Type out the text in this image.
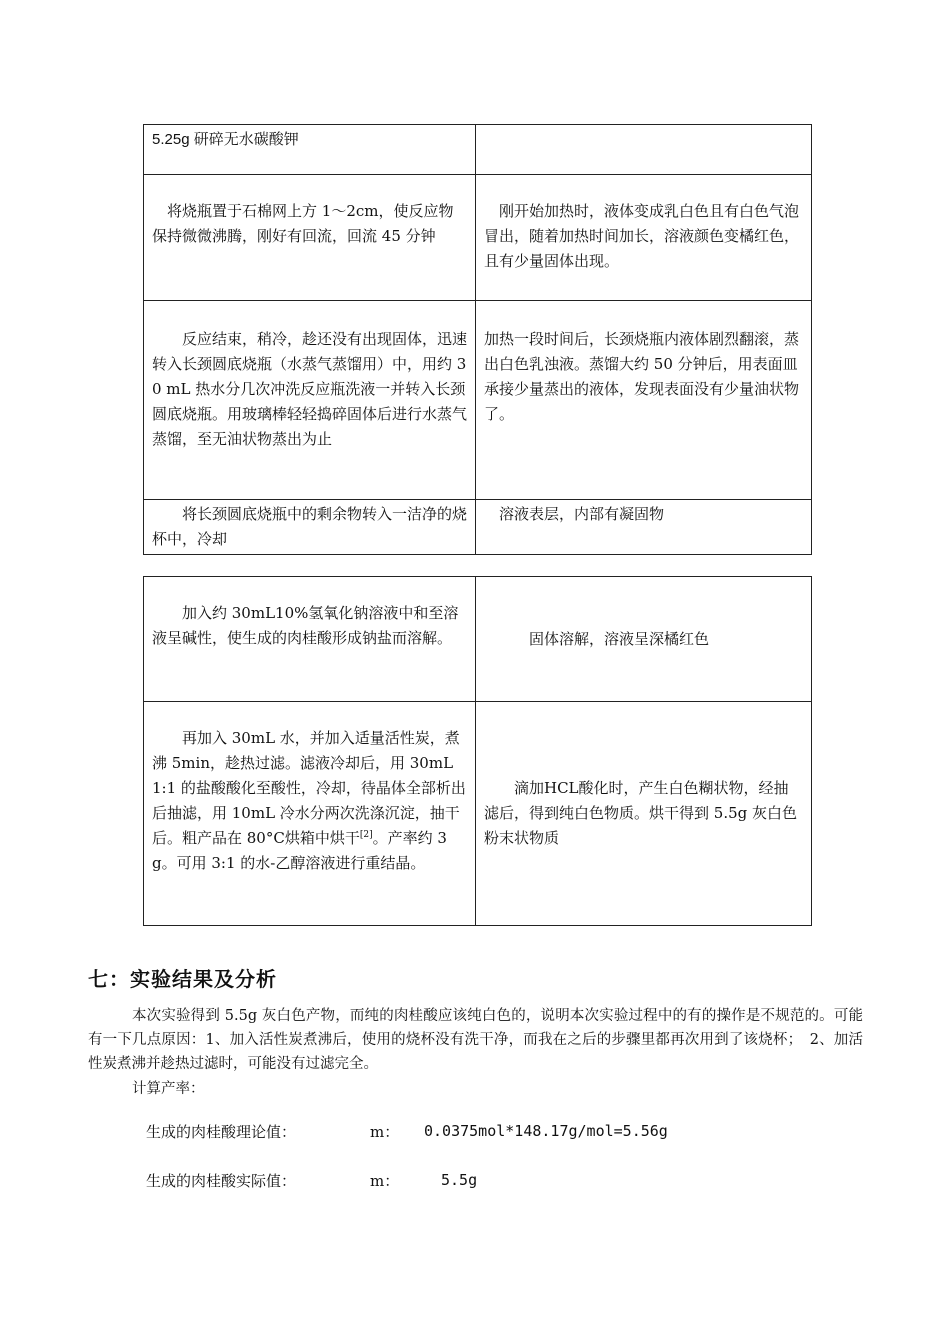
5.25g 研碎无水碳酸钾	
　将烧瓶置于石棉网上方 1～2cm，使反应物保持微微沸腾，刚好有回流，回流 45 分钟	　刚开始加热时，液体变成乳白色且有白色气泡冒出，随着加热时间加长，溶液颜色变橘红色，且有少量固体出现。
　　反应结束，稍冷，趁还没有出现固体，迅速转入长颈圆底烧瓶（水蒸气蒸馏用）中，用约 30 mL 热水分几次冲洗反应瓶洗液一并转入长颈圆底烧瓶。用玻璃棒轻轻捣碎固体后进行水蒸气蒸馏，至无油状物蒸出为止	加热一段时间后，长颈烧瓶内液体剧烈翻滚，蒸出白色乳浊液。蒸馏大约 50 分钟后，用表面皿承接少量蒸出的液体，发现表面没有少量油状物了。
　　将长颈圆底烧瓶中的剩余物转入一洁净的烧杯中，冷却	　溶液表层，内部有凝固物
　　加入约 30mL10%氢氧化钠溶液中和至溶液呈碱性，使生成的肉桂酸形成钠盐而溶解。	　　　固体溶解，溶液呈深橘红色
　　再加入 30mL 水，并加入适量活性炭，煮沸 5min，趁热过滤。滤液冷却后，用 30mL1:1 的盐酸酸化至酸性，冷却，待晶体全部析出后抽滤，用 10mL 冷水分两次洗涤沉淀，抽干后。粗产品在 80°C烘箱中烘干[2]。产率约 3g。可用 3:1 的水-乙醇溶液进行重结晶。	　　滴加HCL酸化时，产生白色糊状物，经抽滤后，得到纯白色物质。烘干得到 5.5g 灰白色粉末状物质
七：实验结果及分析
本次实验得到 5.5g 灰白色产物，而纯的肉桂酸应该纯白色的，说明本次实验过程中的有的操作是不规范的。可能有一下几点原因：1、加入活性炭煮沸后，使用的烧杯没有洗干净，而我在之后的步骤里都再次用到了该烧杯；　2、加活性炭煮沸并趁热过滤时，可能没有过滤完全。
计算产率：
生成的肉桂酸理论值：	m： 0.0375mol*148.17g/mol=5.56g
生成的肉桂酸实际值：	m：	5.5g
